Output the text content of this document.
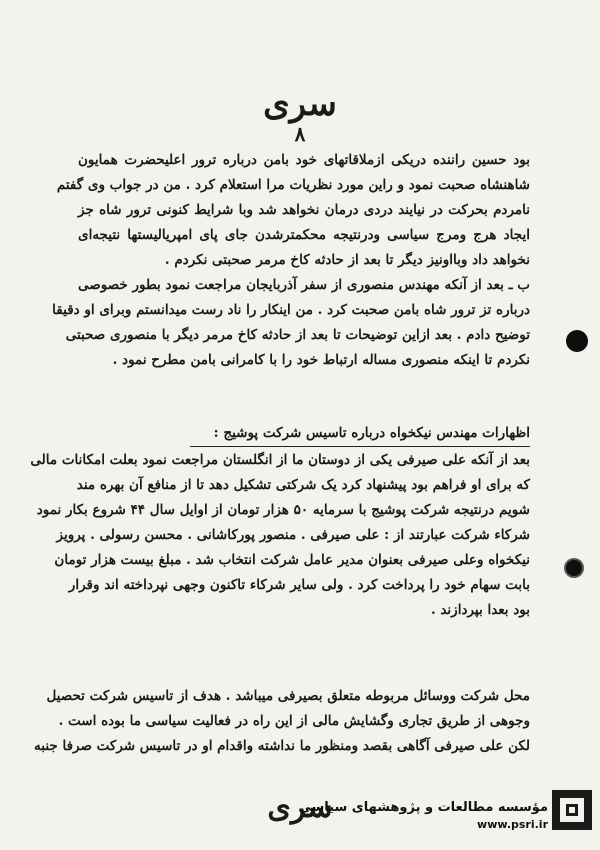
سری
۸
بود حسین راننده دریکی ازملاقاتهای خود بامن درباره ترور اعلیحضرت همایون
شاهنشاه صحبت نمود و راین مورد نظریات مرا استعلام کرد . من در جواب وی گفتم
نامردم بحرکت در نیایند دردی درمان نخواهد شد وبا شرایط کنونی ترور شاه جز
ایجاد هرج ومرج سیاسی ودرنتیجه محکمترشدن جای پای امپریالیستها نتیجه‌ای
نخواهد داد وبااونیز دیگر تا بعد از حادثه کاخ مرمر صحبتی نکردم .
ب ـ بعد از آنکه مهندس منصوری از سفر آذربایجان مراجعت نمود بطور خصوصی
درباره تز ترور شاه بامن صحبت کرد . من اینکار را ناد رست میدانستم وبرای او دقیقا
توضیح دادم . بعد ازاین توضیحات تا بعد از حادثه کاخ مرمر دیگر با منصوری صحبتی
نکردم تا اینکه منصوری مساله ارتباط خود را با کامرانی بامن مطرح نمود .
اظهارات مهندس نیکخواه درباره تاسیس شرکت پوشیج :
بعد از آنکه علی صیرفی یکی از دوستان ما از انگلستان مراجعت نمود بعلت امکانات مالی
که برای او فراهم بود پیشنهاد کرد یک شرکتی تشکیل دهد تا از منافع آن بهره مند
شویم درنتیجه شرکت پوشیج با سرمایه ۵۰ هزار تومان از اوایل سال ۴۴ شروع بکار نمود
شرکاء شرکت عبارتند از : علی صیرفی . منصور پورکاشانی . محسن رسولی . پرویز
نیکخواه وعلی صیرفی بعنوان مدیر عامل شرکت انتخاب شد . مبلغ بیست هزار تومان
بابت سهام خود را پرداخت کرد . ولی سایر شرکاء تاکنون وجهی نپرداخته اند وقرار
بود بعدا بپردازند .
محل شرکت ووسائل مربوطه متعلق بصیرفی میباشد . هدف از تاسیس شرکت تحصیل
وجوهی از طریق تجاری وگشایش مالی از این راه در فعالیت سیاسی ما بوده است .
لکن علی صیرفی آگاهی بقصد ومنظور ما نداشته واقدام او در تاسیس شرکت صرفا جنبه
سری
مؤسسه مطالعات و پژوهشهای سیاسی
www.psri.ir
